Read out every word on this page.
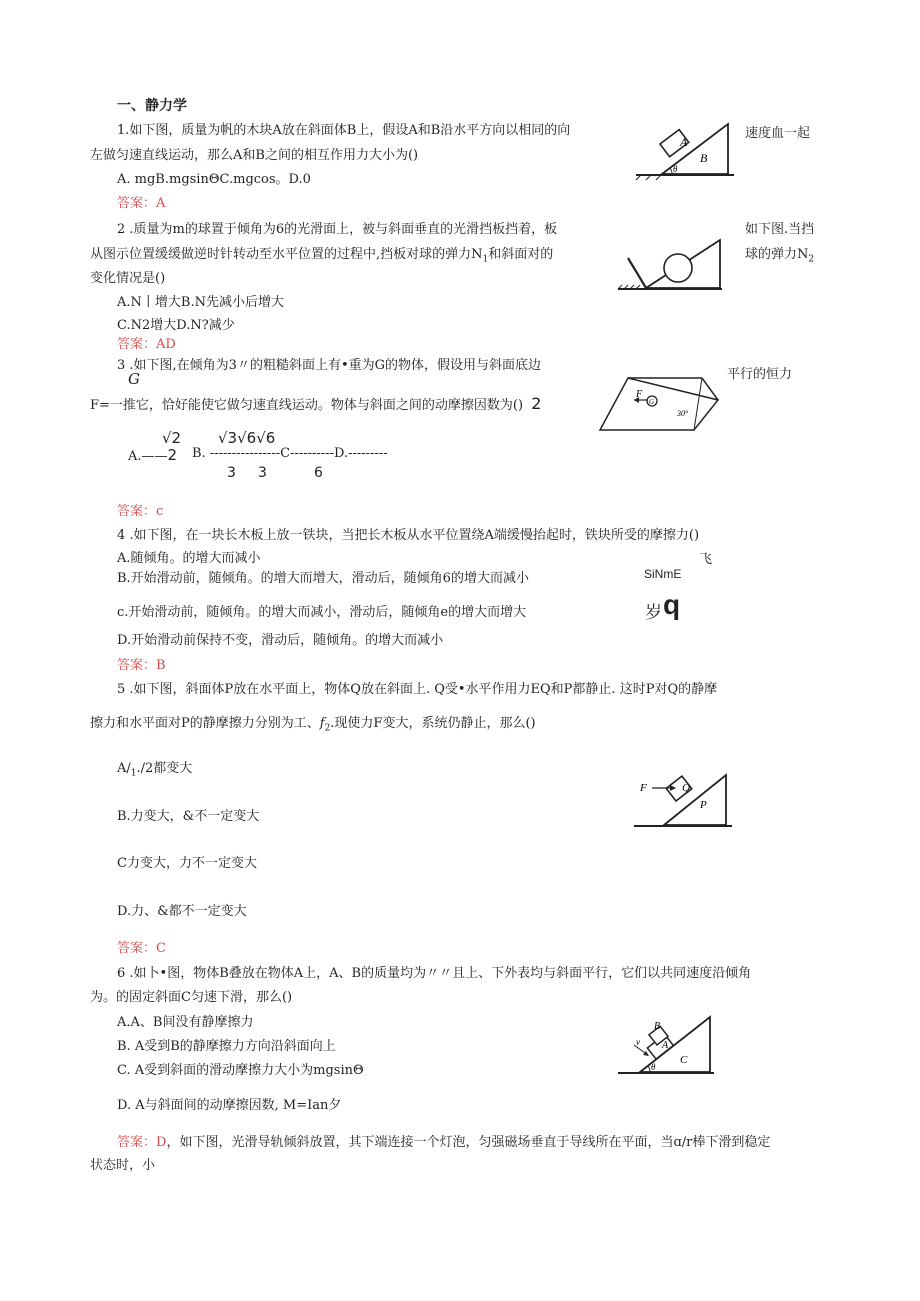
一、静力学
1.如下图，质量为帆的木块A放在斜面体B上，假设A和B沿水平方向以相同的向
左做匀速直线运动，那么A和B之间的相互作用力大小为()
A. mgB.mgsinΘC.mgcos。D.0
答案：A
速度血一起
A
B
θ
2 .质量为m的球置于倾角为6的光滑面上，被与斜面垂直的光滑挡板挡着，板
从图示位置缓缓做逆时针转动至水平位置的过程中,挡板对球的弹力$N_1$和斜面对的
变化情况是()
A.N丨增大B.N先减小后增大
C.N2增大D.N?减少
答案：AD
如下图.当挡
球的弹力$N_2$
3 .如下图,在倾角为3〃的粗糙斜面上有•重为G的物体，假设用与斜面底边
G	平行的恒力
F=一推它，恰好能使它做匀速直线运动。物体与斜面之间的动摩擦因数为() 2
√2 √3√6√6
A.——2 B. ----------------C----------D.---------
3 3	6
答案：c
F
G
30°
4 .如下图，在一块长木板上放一铁块，当把长木板从水平位置绕A端缓慢抬起时，铁块所受的摩擦力()
A.随倾角。的增大而减小
B.开始滑动前，随倾角。的增大而增大，滑动后，随倾角6的增大而减小
c.开始滑动前，随倾角。的增大而减小，滑动后，随倾角e的增大而增大
D.开始滑动前保持不变，滑动后，随倾角。的增大而减小
答案：B
飞
SiNmE
岁 q
5 .如下图，斜面体P放在水平面上，物体Q放在斜面上. Q受•水平作用力EQ和P都静止. 这时P对Q的静摩
擦力和水平面对P的静摩擦力分别为工、$f_2$.现使力F变大，系统仍静止，那么()
$A/_1./2$都变大
B.力变大，&不一定变大
C力变大，力不一定变大
D.力、&都不一定变大
答案：C
Q
P
F
6 .如卜•图，物体B叠放在物体A上，A、B的质量均为〃〃且上、下外表均与斜面平行，它们以共同速度沿倾角
为。的固定斜面C匀速下滑，那么()
A.A、B间没有静摩擦力
B. A受到B的静摩擦力方向沿斜面向上
C. A受到斜面的滑动摩擦力大小为mgsinΘ
D. A与斜面间的动摩擦因数, M=Ian夕
答案：D，如下图，光滑导轨倾斜放置，其下端连接一个灯泡，匀强磁场垂直于导线所在平面，当ɑ/r棒下滑到稳定
状态时，小
A
B
C
v
θ
